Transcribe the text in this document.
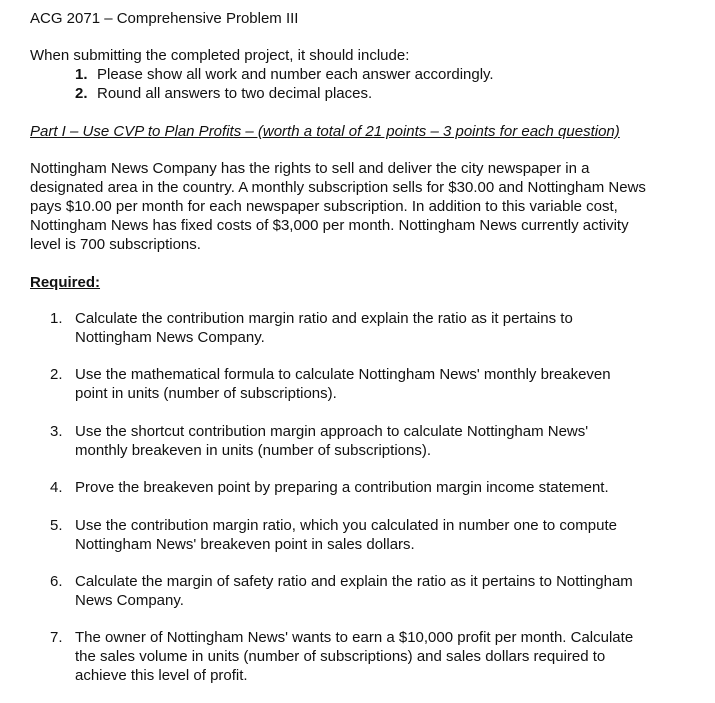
ACG 2071 – Comprehensive Problem III
When submitting the completed project, it should include:
1. Please show all work and number each answer accordingly.
2. Round all answers to two decimal places.
Part I – Use CVP to Plan Profits – (worth a total of 21 points – 3 points for each question)
Nottingham News Company has the rights to sell and deliver the city newspaper in a
designated area in the country. A monthly subscription sells for $30.00 and Nottingham News
pays $10.00 per month for each newspaper subscription. In addition to this variable cost,
Nottingham News has fixed costs of $3,000 per month. Nottingham News currently activity
level is 700 subscriptions.
Required:
1. Calculate the contribution margin ratio and explain the ratio as it pertains to
Nottingham News Company.
2. Use the mathematical formula to calculate Nottingham News' monthly breakeven
point in units (number of subscriptions).
3. Use the shortcut contribution margin approach to calculate Nottingham News'
monthly breakeven in units (number of subscriptions).
4. Prove the breakeven point by preparing a contribution margin income statement.
5. Use the contribution margin ratio, which you calculated in number one to compute
Nottingham News' breakeven point in sales dollars.
6. Calculate the margin of safety ratio and explain the ratio as it pertains to Nottingham
News Company.
7. The owner of Nottingham News' wants to earn a $10,000 profit per month. Calculate
the sales volume in units (number of subscriptions) and sales dollars required to
achieve this level of profit.
